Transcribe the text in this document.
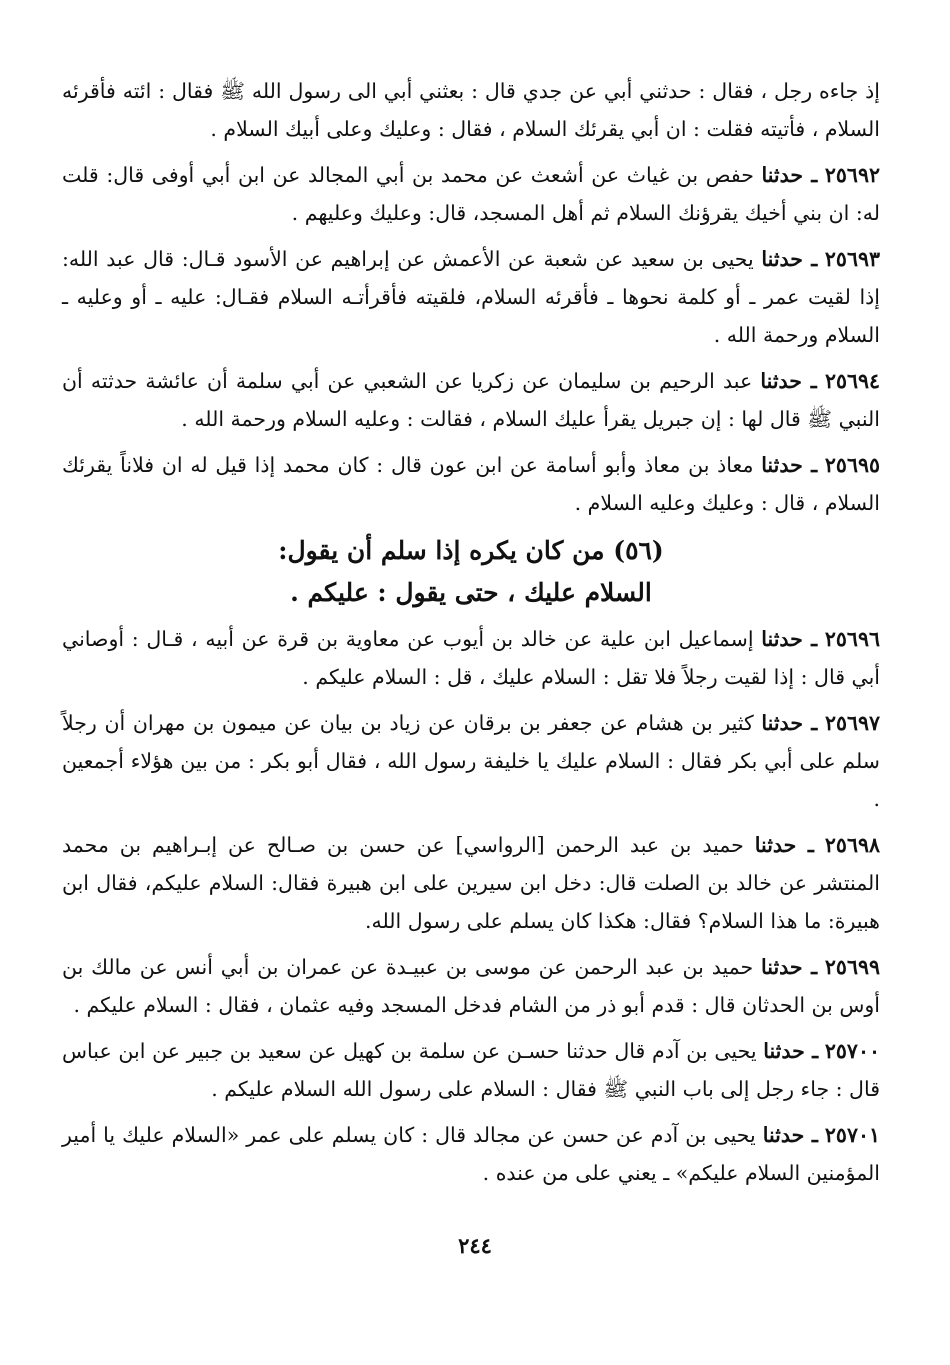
إذ جاءه رجل ، فقال : حدثني أبي عن جدي قال : بعثني أبي الى رسول الله ﷺ فقال : ائته فأقرئه السلام ، فأتيته فقلت : ان أبي يقرئك السلام ، فقال : وعليك وعلى أبيك السلام .

٢٥٦٩٢ ـ حدثنا حفص بن غياث عن أشعث عن محمد بن أبي المجالد عن ابن أبي أوفى قال: قلت له: ان بني أخيك يقرؤنك السلام ثم أهل المسجد، قال: وعليك وعليهم .

٢٥٦٩٣ ـ حدثنا يحيى بن سعيد عن شعبة عن الأعمش عن إبراهيم عن الأسود قـال: قال عبد الله: إذا لقيت عمر ـ أو كلمة نحوها ـ فأقرئه السلام، فلقيته فأقرأتـه السلام فقـال: عليه ـ أو وعليه ـ السلام ورحمة الله .

٢٥٦٩٤ ـ حدثنا عبد الرحيم بن سليمان عن زكريا عن الشعبي عن أبي سلمة أن عائشة حدثته أن النبي ﷺ قال لها : إن جبريل يقرأ عليك السلام ، فقالت : وعليه السلام ورحمة الله .

٢٥٦٩٥ ـ حدثنا معاذ بن معاذ وأبو أسامة عن ابن عون قال : كان محمد إذا قيل له ان فلاناً يقرئك السلام ، قال : وعليك وعليه السلام .

(٥٦) من كان يكره إذا سلم أن يقول:
السلام عليك ، حتى يقول : عليكم .

٢٥٦٩٦ ـ حدثنا إسماعيل ابن علية عن خالد بن أيوب عن معاوية بن قرة عن أبيه ، قـال : أوصاني أبي قال : إذا لقيت رجلاً فلا تقل : السلام عليك ، قل : السلام عليكم .

٢٥٦٩٧ ـ حدثنا كثير بن هشام عن جعفر بن برقان عن زياد بن بيان عن ميمون بن مهران أن رجلاً سلم على أبي بكر فقال : السلام عليك يا خليفة رسول الله ، فقال أبو بكر : من بين هؤلاء أجمعين .

٢٥٦٩٨ ـ حدثنا حميد بن عبد الرحمن [الرواسي] عن حسن بن صـالح عن إبـراهيم بن محمد المنتشر عن خالد بن الصلت قال: دخل ابن سيرين على ابن هبيرة فقال: السلام عليكم، فقال ابن هبيرة: ما هذا السلام؟ فقال: هكذا كان يسلم على رسول الله.

٢٥٦٩٩ ـ حدثنا حميد بن عبد الرحمن عن موسى بن عبيـدة عن عمران بن أبي أنس عن مالك بن أوس بن الحدثان قال : قدم أبو ذر من الشام فدخل المسجد وفيه عثمان ، فقال : السلام عليكم .

٢٥٧٠٠ ـ حدثنا يحيى بن آدم قال حدثنا حسـن عن سلمة بن كهيل عن سعيد بن جبير عن ابن عباس قال : جاء رجل إلى باب النبي ﷺ فقال : السلام على رسول الله السلام عليكم .

٢٥٧٠١ ـ حدثنا يحيى بن آدم عن حسن عن مجالد قال : كان يسلم على عمر «السلام عليك يا أمير المؤمنين السلام عليكم» ـ يعني على من عنده .

٢٤٤
